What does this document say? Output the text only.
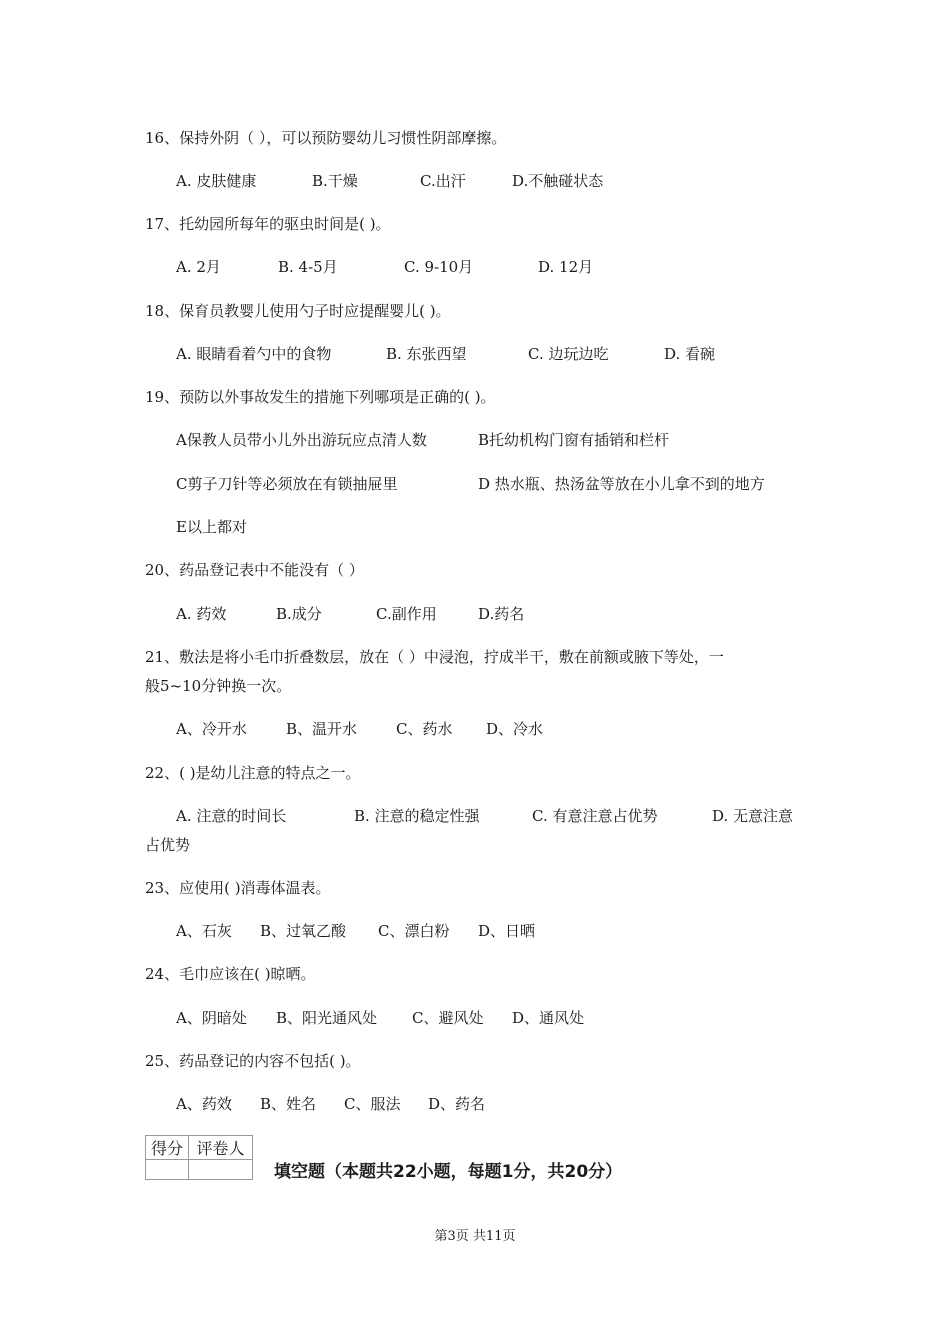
16、保持外阴（ ），可以预防婴幼儿习惯性阴部摩擦。
A. 皮肤健康	B.干燥	C.出汗	D.不触碰状态
17、托幼园所每年的驱虫时间是( )。
A. 2月	B. 4-5月	C. 9-10月	D. 12月
18、保育员教婴儿使用勺子时应提醒婴儿( )。
A. 眼睛看着勺中的食物	B. 东张西望	C. 边玩边吃	D. 看碗
19、预防以外事故发生的措施下列哪项是正确的( )。
A保教人员带小儿外出游玩应点清人数	B托幼机构门窗有插销和栏杆
C剪子刀针等必须放在有锁抽屉里	D 热水瓶、热汤盆等放在小儿拿不到的地方
E以上都对
20、药品登记表中不能没有（ ）
A. 药效	B.成分	C.副作用	D.药名
21、敷法是将小毛巾折叠数层，放在（ ）中浸泡，拧成半干，敷在前额或腋下等处，一
般5~10分钟换一次。
A、冷开水	B、温开水	C、药水 D、冷水
22、( )是幼儿注意的特点之一。
A. 注意的时间长	B. 注意的稳定性强	C. 有意注意占优势	D. 无意注意
占优势
23、应使用( )消毒体温表。
A、石灰 B、过氧乙酸 C、漂白粉 D、日晒
24、毛巾应该在( )晾晒。
A、阴暗处 B、阳光通风处 C、避风处 D、通风处
25、药品登记的内容不包括( )。
A、药效 B、姓名 C、服法 D、药名
得分	评卷人

填空题（本题共22小题，每题1分，共20分）
第3页 共11页
